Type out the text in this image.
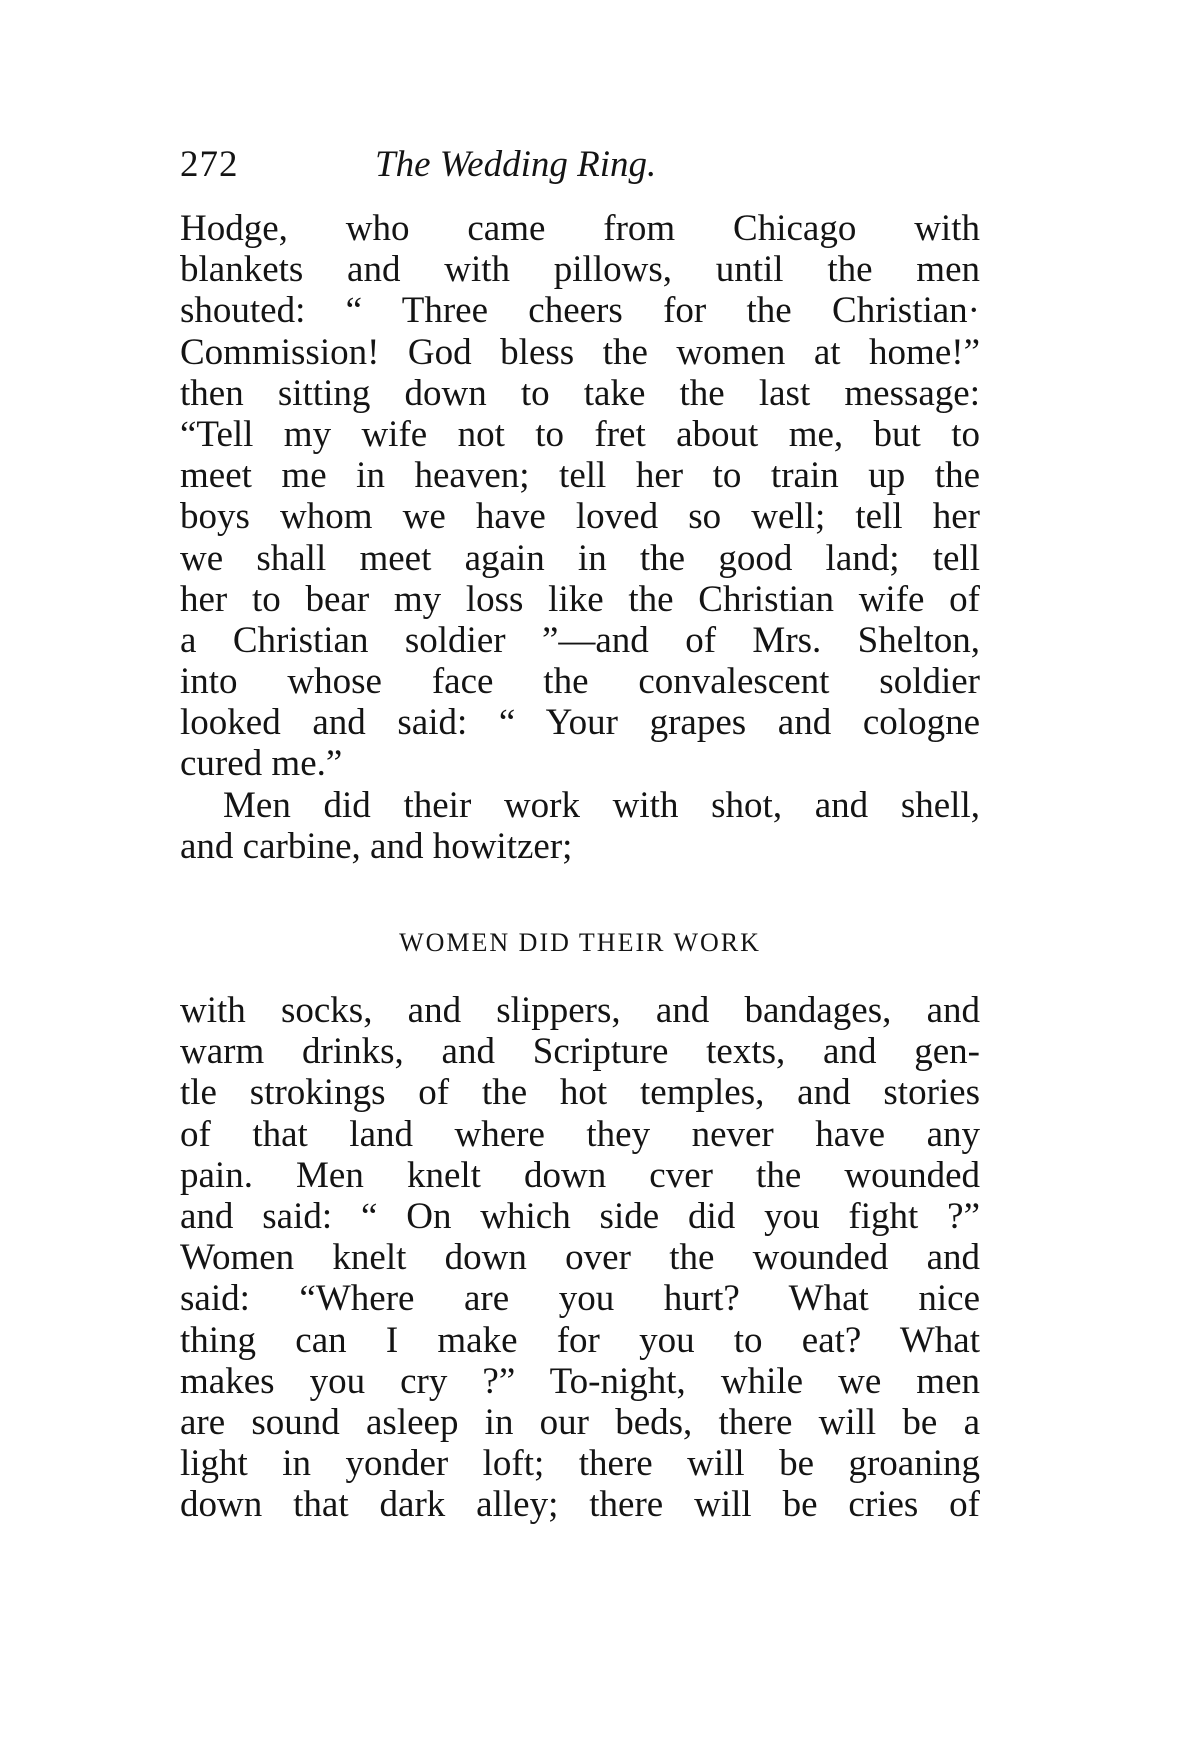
272	The Wedding Ring.
Hodge, who came from Chicago with
blankets and with pillows, until the men
shouted: “ Three cheers for the Christian·
Commission! God bless the women at home!”
then sitting down to take the last message:
“Tell my wife not to fret about me, but to
meet me in heaven; tell her to train up the
boys whom we have loved so well; tell her
we shall meet again in the good land; tell
her to bear my loss like the Christian wife of
a Christian soldier ”—and of Mrs. Shelton,
into whose face the convalescent soldier
looked and said: “ Your grapes and cologne
cured me.”
Men did their work with shot, and shell,
and carbine, and howitzer;
WOMEN DID THEIR WORK
with socks, and slippers, and bandages, and
warm drinks, and Scripture texts, and gen-
tle strokings of the hot temples, and stories
of that land where they never have any
pain. Men knelt down cver the wounded
and said: “ On which side did you fight ?”
Women knelt down over the wounded and
said: “Where are you hurt? What nice
thing can I make for you to eat? What
makes you cry ?” To-night, while we men
are sound asleep in our beds, there will be a
light in yonder loft; there will be groaning
down that dark alley; there will be cries of
